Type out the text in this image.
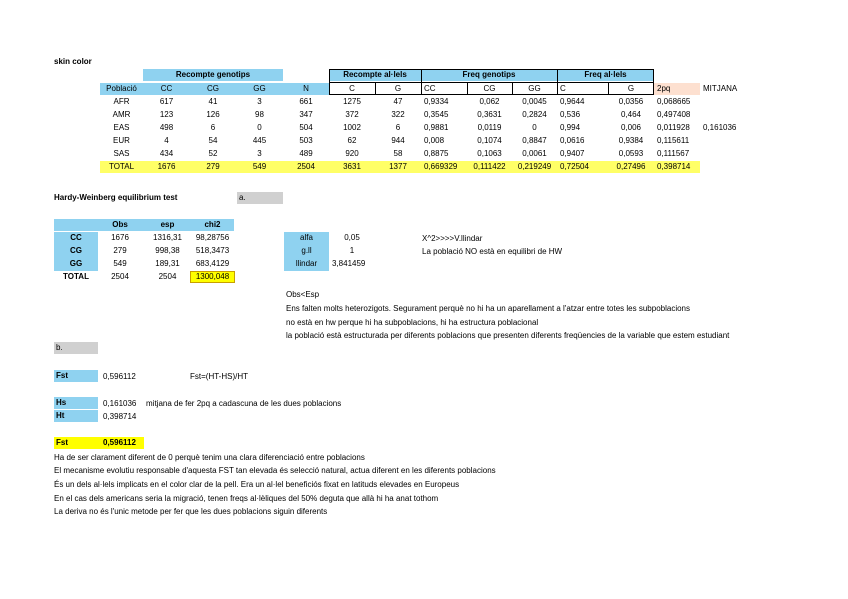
skin color
Recompte genotips	Recompte al·lels	Freq genotips	Freq al·lels
Població	CC	CG	GG	N	C	G	CC	CG	GG	C	G	2pq	MITJANA
AFR	617	41	3	661	1275	47	0,9334	0,062	0,0045	0,9644	0,0356	0,068665
AMR	123	126	98	347	372	322	0,3545	0,3631	0,2824	0,536	0,464	0,497408
EAS	498	6	0	504	1002	6	0,9881	0,0119	0	0,994	0,006	0,011928	0,161036
EUR	4	54	445	503	62	944	0,008	0,1074	0,8847	0,0616	0,9384	0,115611
SAS	434	52	3	489	920	58	0,8875	0,1063	0,0061	0,9407	0,0593	0,111567
TOTAL	1676	279	549	2504	3631	1377	0,669329	0,111422	0,219249	0,72504	0,27496	0,398714
Hardy-Weinberg equilibrium test	a.
Obs	esp	chi2
CC	1676	1316,31	98,28756
CG	279	998,38	518,3473
GG	549	189,31	683,4129
TOTAL	2504	2504	1300,048
alfa	0,05
g.ll	1
llindar	3,841459
X^2>>>>V.llindar
La població NO està en equilibri de HW
Obs<Esp
Ens falten molts heterozigots. Segurament perquè no hi ha un aparellament a l'atzar entre totes les subpoblacions
no està en hw perque hi ha subpoblacions, hi ha estructura poblacional
la població està estructurada per diferents poblacions que presenten diferents freqüencies de la variable que estem estudiant
b.
Fst	0,596112	Fst=(HT-HS)/HT
Hs	0,161036 mitjana de fer 2pq a cadascuna de les dues poblacions
Ht	0,398714
Fst	0,596112
Ha de ser clarament diferent de 0 perquè tenim una clara diferenciació entre poblacions
El mecanisme evolutiu responsable d'aquesta FST tan elevada és selecció natural, actua diferent en les diferents poblacions
És un dels al·lels implicats en el color clar de la pell. Era un al·lel beneficiós fixat en latituds elevades en Europeus
En el cas dels americans seria la migració, tenen freqs al·lèliques del 50% deguta que allà hi ha anat tothom
La deriva no és l'unic metode per fer que les dues poblacions siguin diferents
